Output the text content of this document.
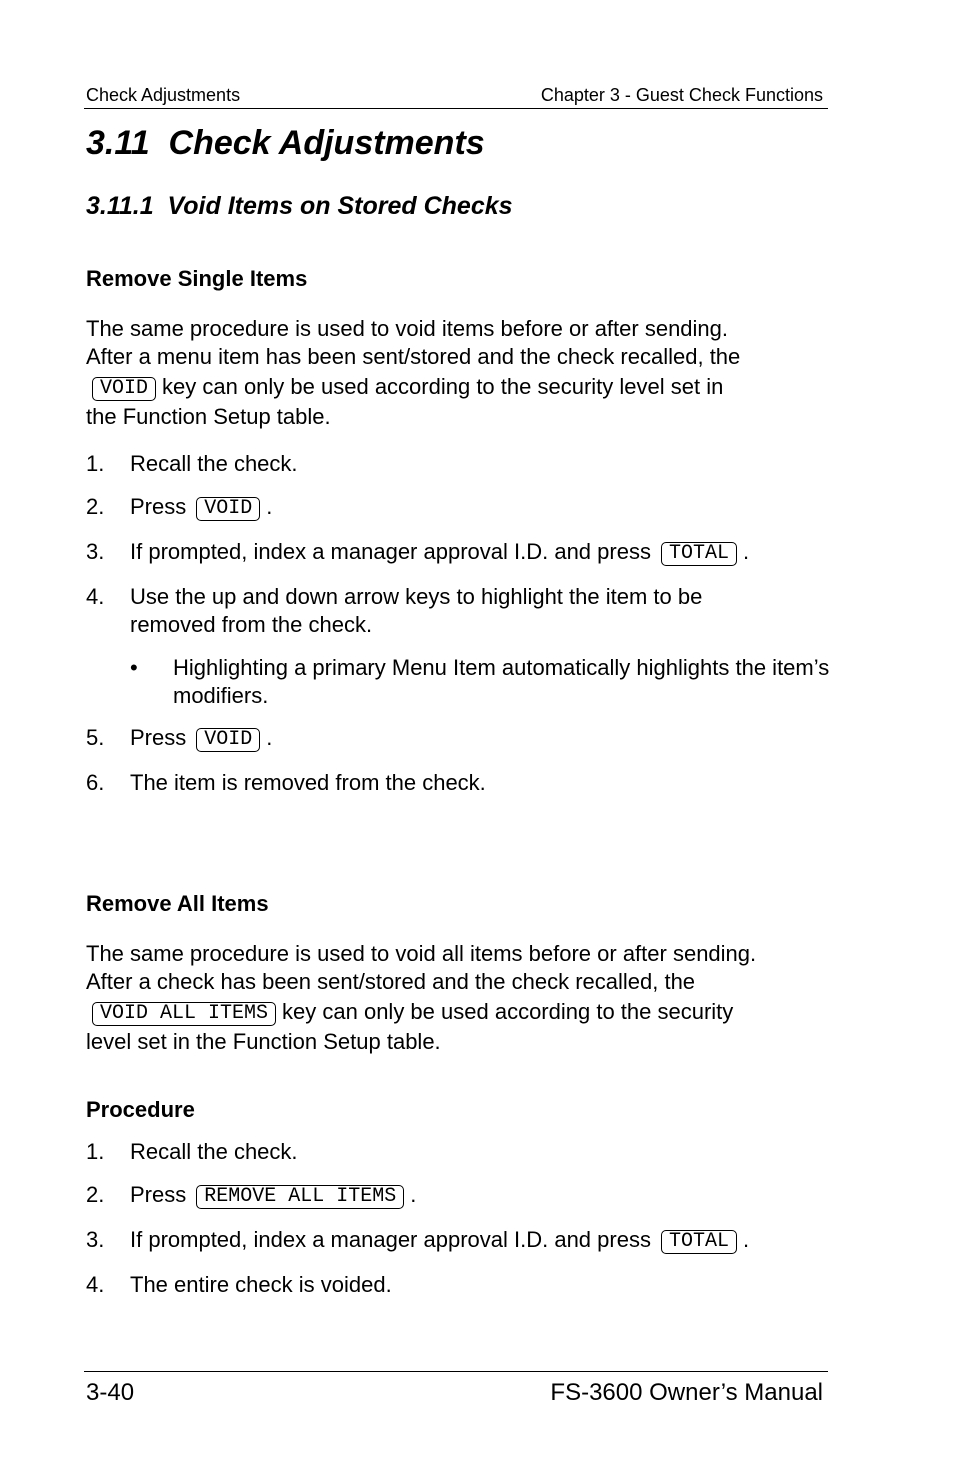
Check Adjustments	Chapter 3 - Guest Check Functions
3.11  Check Adjustments
3.11.1  Void Items on Stored Checks
Remove Single Items
The same procedure is used to void items before or after sending.
After a menu item has been sent/stored and the check recalled, the
VOID key can only be used according to the security level set in
the Function Setup table.
1. Recall the check.
2. Press VOID .
3. If prompted, index a manager approval I.D. and press TOTAL .
4. Use the up and down arrow keys to highlight the item to be removed from the check.
• Highlighting a primary Menu Item automatically highlights the item’s modifiers.
5. Press VOID .
6. The item is removed from the check.
Remove All Items
The same procedure is used to void all items before or after sending.
After a check has been sent/stored and the check recalled, the
VOID ALL ITEMS key can only be used according to the security
level set in the Function Setup table.
Procedure
1. Recall the check.
2. Press REMOVE ALL ITEMS .
3. If prompted, index a manager approval I.D. and press TOTAL .
4. The entire check is voided.
3-40	FS-3600 Owner’s Manual
